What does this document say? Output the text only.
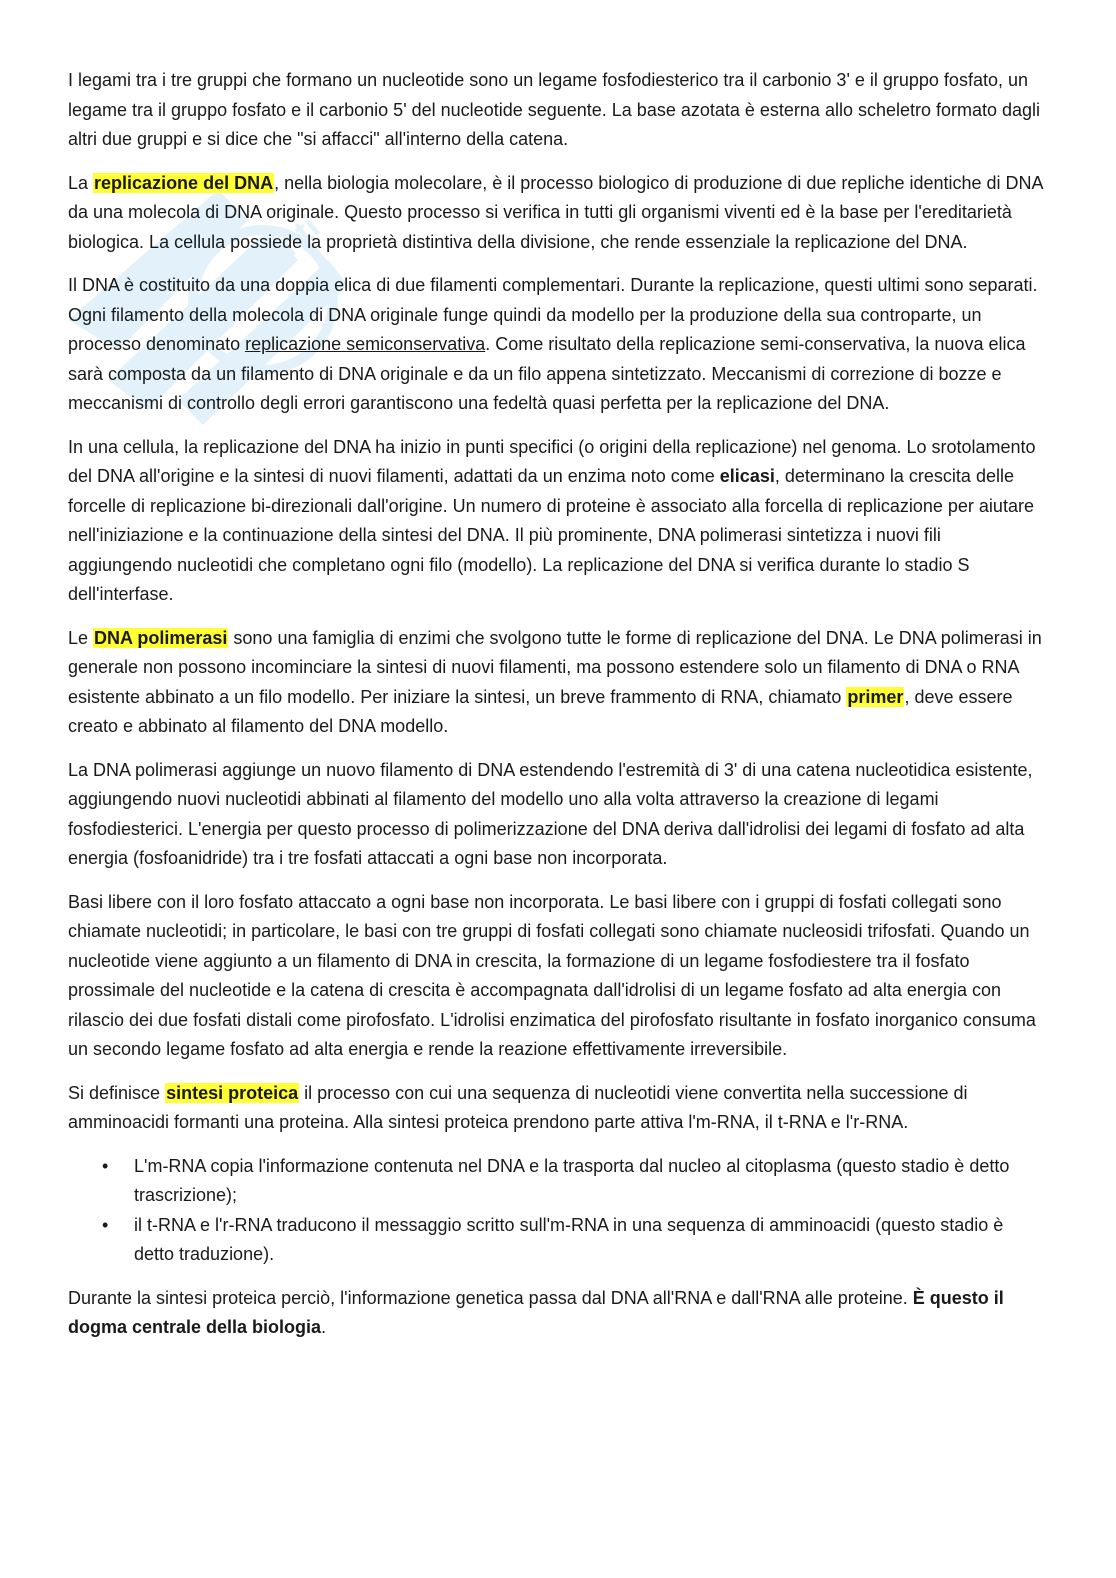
appunti

I legami tra i tre gruppi che formano un nucleotide sono un legame fosfodiesterico tra il carbonio 3' e il gruppo fosfato, un legame tra il gruppo fosfato e il carbonio 5' del nucleotide seguente. La base azotata è esterna allo scheletro formato dagli altri due gruppi e si dice che "si affacci" all'interno della catena.

La replicazione del DNA, nella biologia molecolare, è il processo biologico di produzione di due repliche identiche di DNA da una molecola di DNA originale. Questo processo si verifica in tutti gli organismi viventi ed è la base per l'ereditarietà biologica. La cellula possiede la proprietà distintiva della divisione, che rende essenziale la replicazione del DNA.

Il DNA è costituito da una doppia elica di due filamenti complementari. Durante la replicazione, questi ultimi sono separati. Ogni filamento della molecola di DNA originale funge quindi da modello per la produzione della sua controparte, un processo denominato replicazione semiconservativa. Come risultato della replicazione semi-conservativa, la nuova elica sarà composta da un filamento di DNA originale e da un filo appena sintetizzato. Meccanismi di correzione di bozze e meccanismi di controllo degli errori garantiscono una fedeltà quasi perfetta per la replicazione del DNA.

In una cellula, la replicazione del DNA ha inizio in punti specifici (o origini della replicazione) nel genoma. Lo srotolamento del DNA all'origine e la sintesi di nuovi filamenti, adattati da un enzima noto come elicasi, determinano la crescita delle forcelle di replicazione bi-direzionali dall'origine. Un numero di proteine è associato alla forcella di replicazione per aiutare nell'iniziazione e la continuazione della sintesi del DNA. Il più prominente, DNA polimerasi sintetizza i nuovi fili aggiungendo nucleotidi che completano ogni filo (modello). La replicazione del DNA si verifica durante lo stadio S dell'interfase.

Le DNA polimerasi sono una famiglia di enzimi che svolgono tutte le forme di replicazione del DNA. Le DNA polimerasi in generale non possono incominciare la sintesi di nuovi filamenti, ma possono estendere solo un filamento di DNA o RNA esistente abbinato a un filo modello. Per iniziare la sintesi, un breve frammento di RNA, chiamato primer, deve essere creato e abbinato al filamento del DNA modello.

La DNA polimerasi aggiunge un nuovo filamento di DNA estendendo l'estremità di 3' di una catena nucleotidica esistente, aggiungendo nuovi nucleotidi abbinati al filamento del modello uno alla volta attraverso la creazione di legami fosfodiesterici. L'energia per questo processo di polimerizzazione del DNA deriva dall'idrolisi dei legami di fosfato ad alta energia (fosfoanidride) tra i tre fosfati attaccati a ogni base non incorporata.

Basi libere con il loro fosfato attaccato a ogni base non incorporata. Le basi libere con i gruppi di fosfati collegati sono chiamate nucleotidi; in particolare, le basi con tre gruppi di fosfati collegati sono chiamate nucleosidi trifosfati. Quando un nucleotide viene aggiunto a un filamento di DNA in crescita, la formazione di un legame fosfodiestere tra il fosfato prossimale del nucleotide e la catena di crescita è accompagnata dall'idrolisi di un legame fosfato ad alta energia con rilascio dei due fosfati distali come pirofosfato. L'idrolisi enzimatica del pirofosfato risultante in fosfato inorganico consuma un secondo legame fosfato ad alta energia e rende la reazione effettivamente irreversibile.

Si definisce sintesi proteica il processo con cui una sequenza di nucleotidi viene convertita nella successione di amminoacidi formanti una proteina. Alla sintesi proteica prendono parte attiva l'm-RNA, il t-RNA e l'r-RNA.

• L'm-RNA copia l'informazione contenuta nel DNA e la trasporta dal nucleo al citoplasma (questo stadio è detto trascrizione);
• il t-RNA e l'r-RNA traducono il messaggio scritto sull'm-RNA in una sequenza di amminoacidi (questo stadio è detto traduzione).

Durante la sintesi proteica perciò, l'informazione genetica passa dal DNA all'RNA e dall'RNA alle proteine. È questo il dogma centrale della biologia.
